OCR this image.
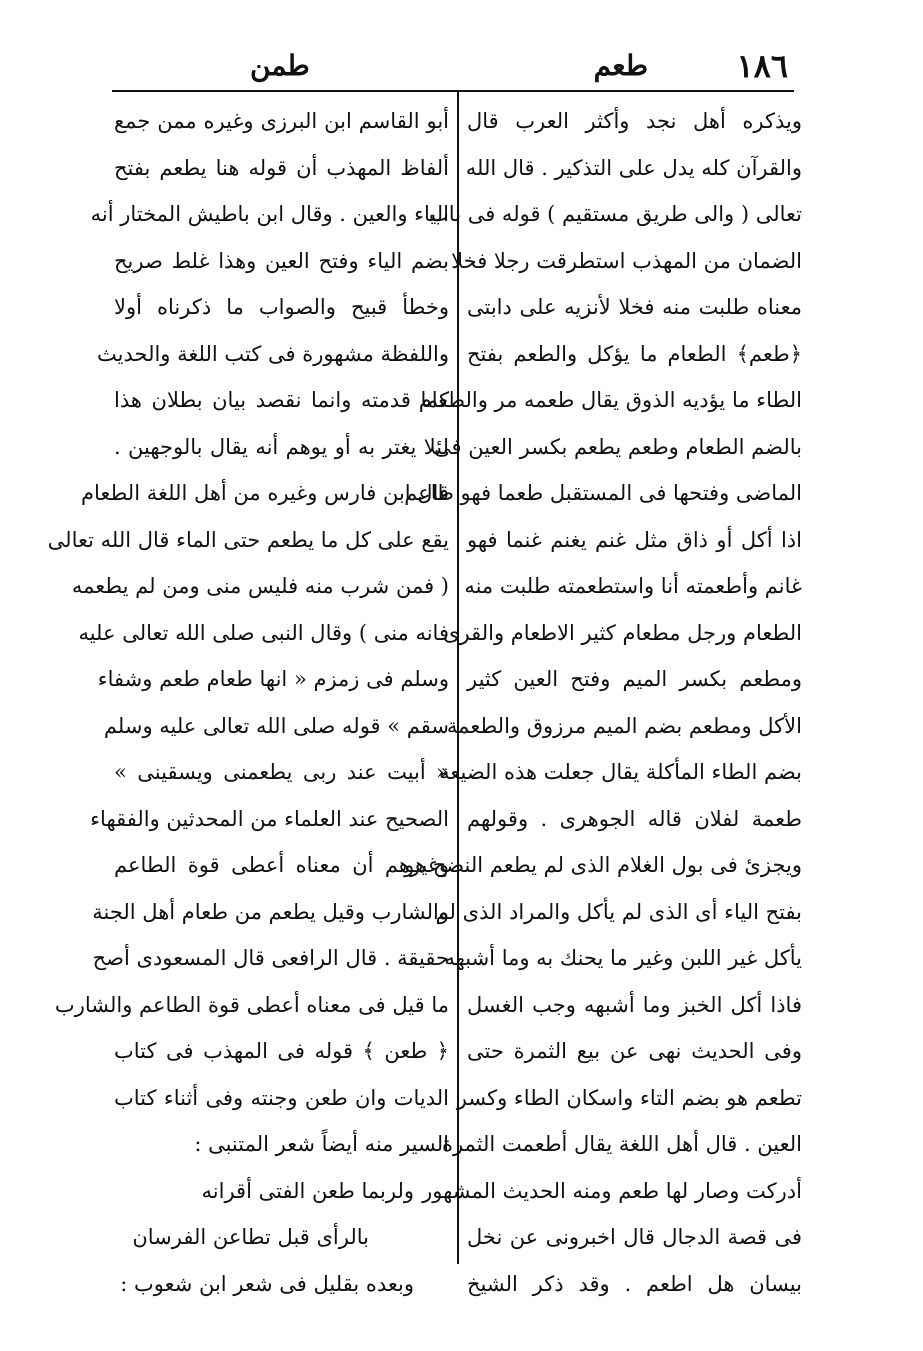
١٨٦
طعم
طمن
ويذكره أهل نجد وأكثر العرب قال
والقرآن كله يدل على التذكير . قال الله
تعالى ( والى طريق مستقيم ) قوله فى باب
الضمان من المهذب استطرقت رجلا فخلا
معناه طلبت منه فخلا لأنزيه على دابتى
﴿طعم﴾ الطعام ما يؤكل والطعم بفتح
الطاء ما يؤديه الذوق يقال طعمه مر والطعام
بالضم الطعام وطعم يطعم بكسر العين فى
الماضى وفتحها فى المستقبل طعما فهو طاعم
اذا أكل أو ذاق مثل غنم يغنم غنما فهو
غانم وأطعمته أنا واستطعمته طلبت منه
الطعام ورجل مطعام كثير الاطعام والقرى
ومطعم بكسر الميم وفتح العين كثير
الأكل ومطعم بضم الميم مرزوق والطعمة
بضم الطاء المأكلة يقال جعلت هذه الضيعة
طعمة لفلان قاله الجوهرى . وقولهم
ويجزئ فى بول الغلام الذى لم يطعم النضح هو
بفتح الياء أى الذى لم يأكل والمراد الذى لم
يأكل غير اللبن وغير ما يحنك به وما أشبهه
فاذا أكل الخبز وما أشبهه وجب الغسل
وفى الحديث نهى عن بيع الثمرة حتى
تطعم هو بضم التاء واسكان الطاء وكسر
العين . قال أهل اللغة يقال أطعمت الثمرة
أدركت وصار لها طعم ومنه الحديث المشهور
فى قصة الدجال قال اخبرونى عن نخل
بيسان هل اطعم . وقد ذكر الشيخ
أبو القاسم ابن البرزى وغيره ممن جمع
ألفاظ المهذب أن قوله هنا يطعم بفتح
الياء والعين . وقال ابن باطيش المختار أنه
بضم الياء وفتح العين وهذا غلط صريح
وخطأ قبيح والصواب ما ذكرناه أولا
واللفظة مشهورة فى كتب اللغة والحديث
كما قدمته وانما نقصد بيان بطلان هذا
لئلا يغتر به أو يوهم أنه يقال بالوجهين .
قال ابن فارس وغيره من أهل اللغة الطعام
يقع على كل ما يطعم حتى الماء قال الله تعالى
( فمن شرب منه فليس منى ومن لم يطعمه
فانه منى ) وقال النبى صلى الله تعالى عليه
وسلم فى زمزم « انها طعام طعم وشفاء
سقم » قوله صلى الله تعالى عليه وسلم
« أبيت عند ربى يطعمنى ويسقينى »
الصحيح عند العلماء من المحدثين والفقهاء
وغيرهم أن معناه أعطى قوة الطاعم
والشارب وقيل يطعم من طعام أهل الجنة
حقيقة . قال الرافعى قال المسعودى أصح
ما قيل فى معناه أعطى قوة الطاعم والشارب
﴿ طعن ﴾ قوله فى المهذب فى كتاب
الديات وان طعن وجنته وفى أثناء كتاب
السير منه أيضاً شعر المتنبى :
ولربما طعن الفتى أقرانه
بالرأى قبل تطاعن الفرسان
وبعده بقليل فى شعر ابن شعوب :
